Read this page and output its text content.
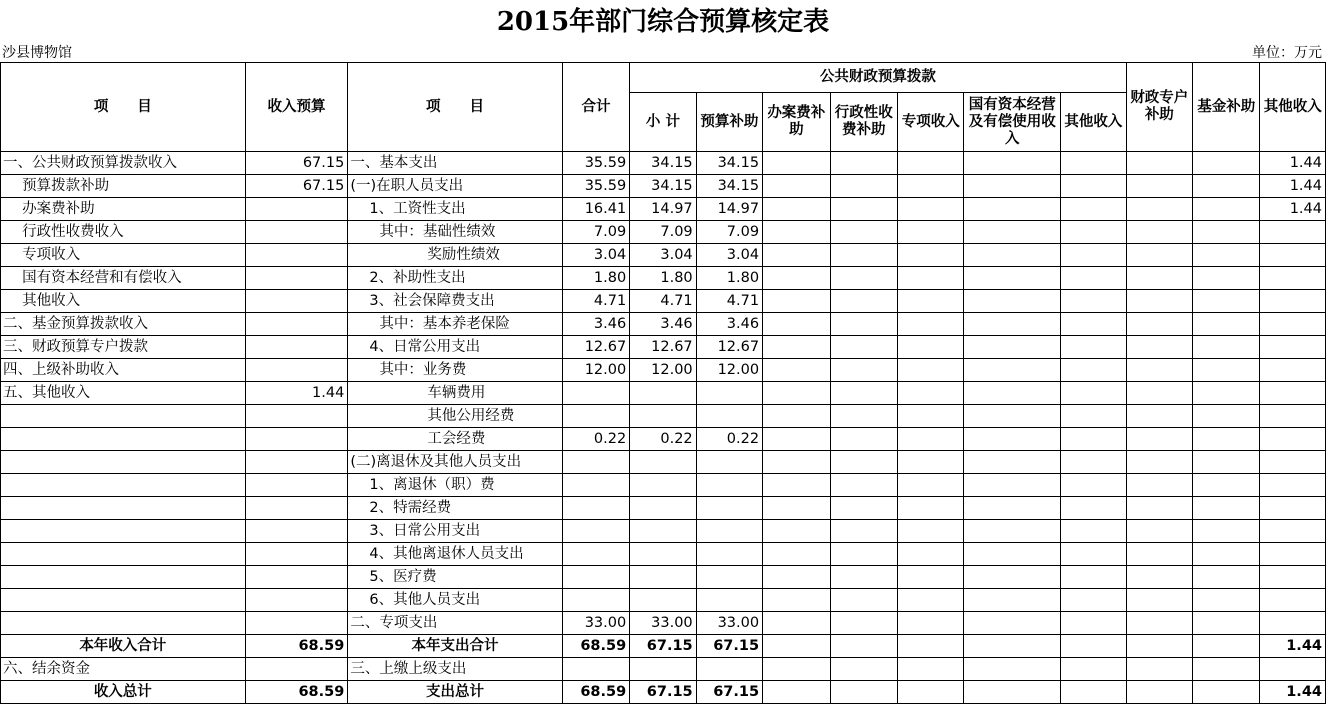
2015年部门综合预算核定表
沙县博物馆	单位：万元
项　　目	收入预算	项　　目	合计	公共财政预算拨款							财政专户补助	基金补助	其他收入
				小 计	预算补助	办案费补助	行政性收费补助	专项收入	国有资本经营及有偿使用收入	其他收入			
一、公共财政预算拨款收入	67.15	一、基本支出	35.59	34.15	34.15								1.44
　 预算拨款补助	67.15	(一)在职人员支出	35.59	34.15	34.15								1.44
　 办案费补助		　 1、工资性支出	16.41	14.97	14.97								1.44
　 行政性收费收入		　　其中：基础性绩效	7.09	7.09	7.09								
　 专项收入		　　　　　 奖励性绩效	3.04	3.04	3.04								
　 国有资本经营和有偿收入		　 2、补助性支出	1.80	1.80	1.80								
　 其他收入		　 3、社会保障费支出	4.71	4.71	4.71								
二、基金预算拨款收入		　　其中：基本养老保险	3.46	3.46	3.46								
三、财政预算专户拨款		　 4、日常公用支出	12.67	12.67	12.67								
四、上级补助收入		　　其中：业务费	12.00	12.00	12.00								
五、其他收入	1.44	　　　　　 车辆费用											
		　　　　　 其他公用经费											
		　　　　　 工会经费	0.22	0.22	0.22								
		(二)离退休及其他人员支出											
		　 1、离退休（职）费											
		　 2、特需经费											
		　 3、日常公用支出											
		　 4、其他离退休人员支出											
		　 5、医疗费											
		　 6、其他人员支出											
		二、专项支出	33.00	33.00	33.00								
本年收入合计	68.59	本年支出合计	68.59	67.15	67.15								1.44
六、结余资金		三、上缴上级支出											
收入总计	68.59	支出总计	68.59	67.15	67.15								1.44
